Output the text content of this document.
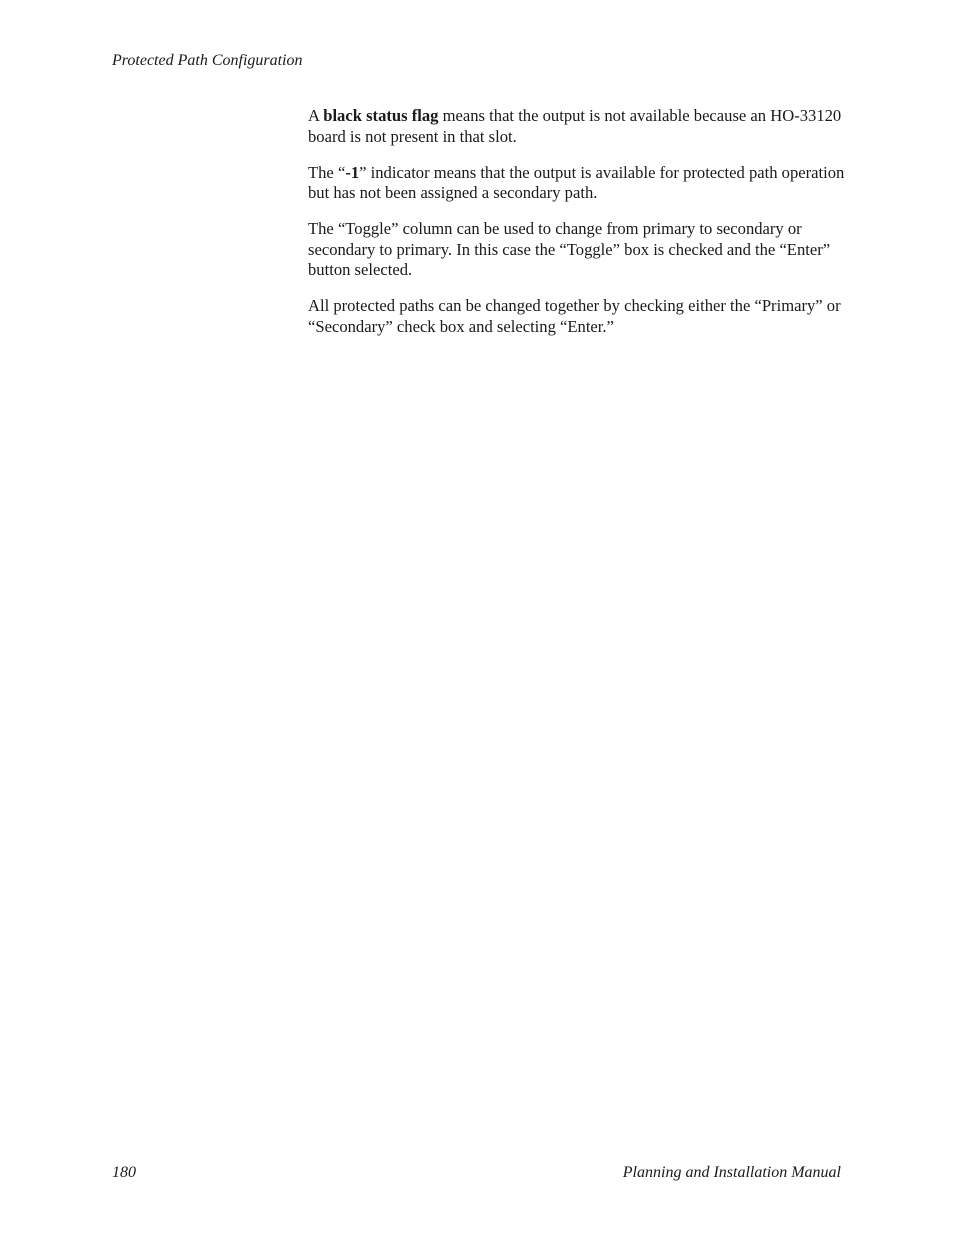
Protected Path Configuration

A black status flag means that the output is not available because an HO-33120 board is not present in that slot.

The “-1” indicator means that the output is available for protected path operation but has not been assigned a secondary path.

The “Toggle” column can be used to change from primary to secondary or secondary to primary. In this case the “Toggle” box is checked and the “Enter” button selected.

All protected paths can be changed together by checking either the “Primary” or “Secondary” check box and selecting “Enter.”

180	Planning and Installation Manual
